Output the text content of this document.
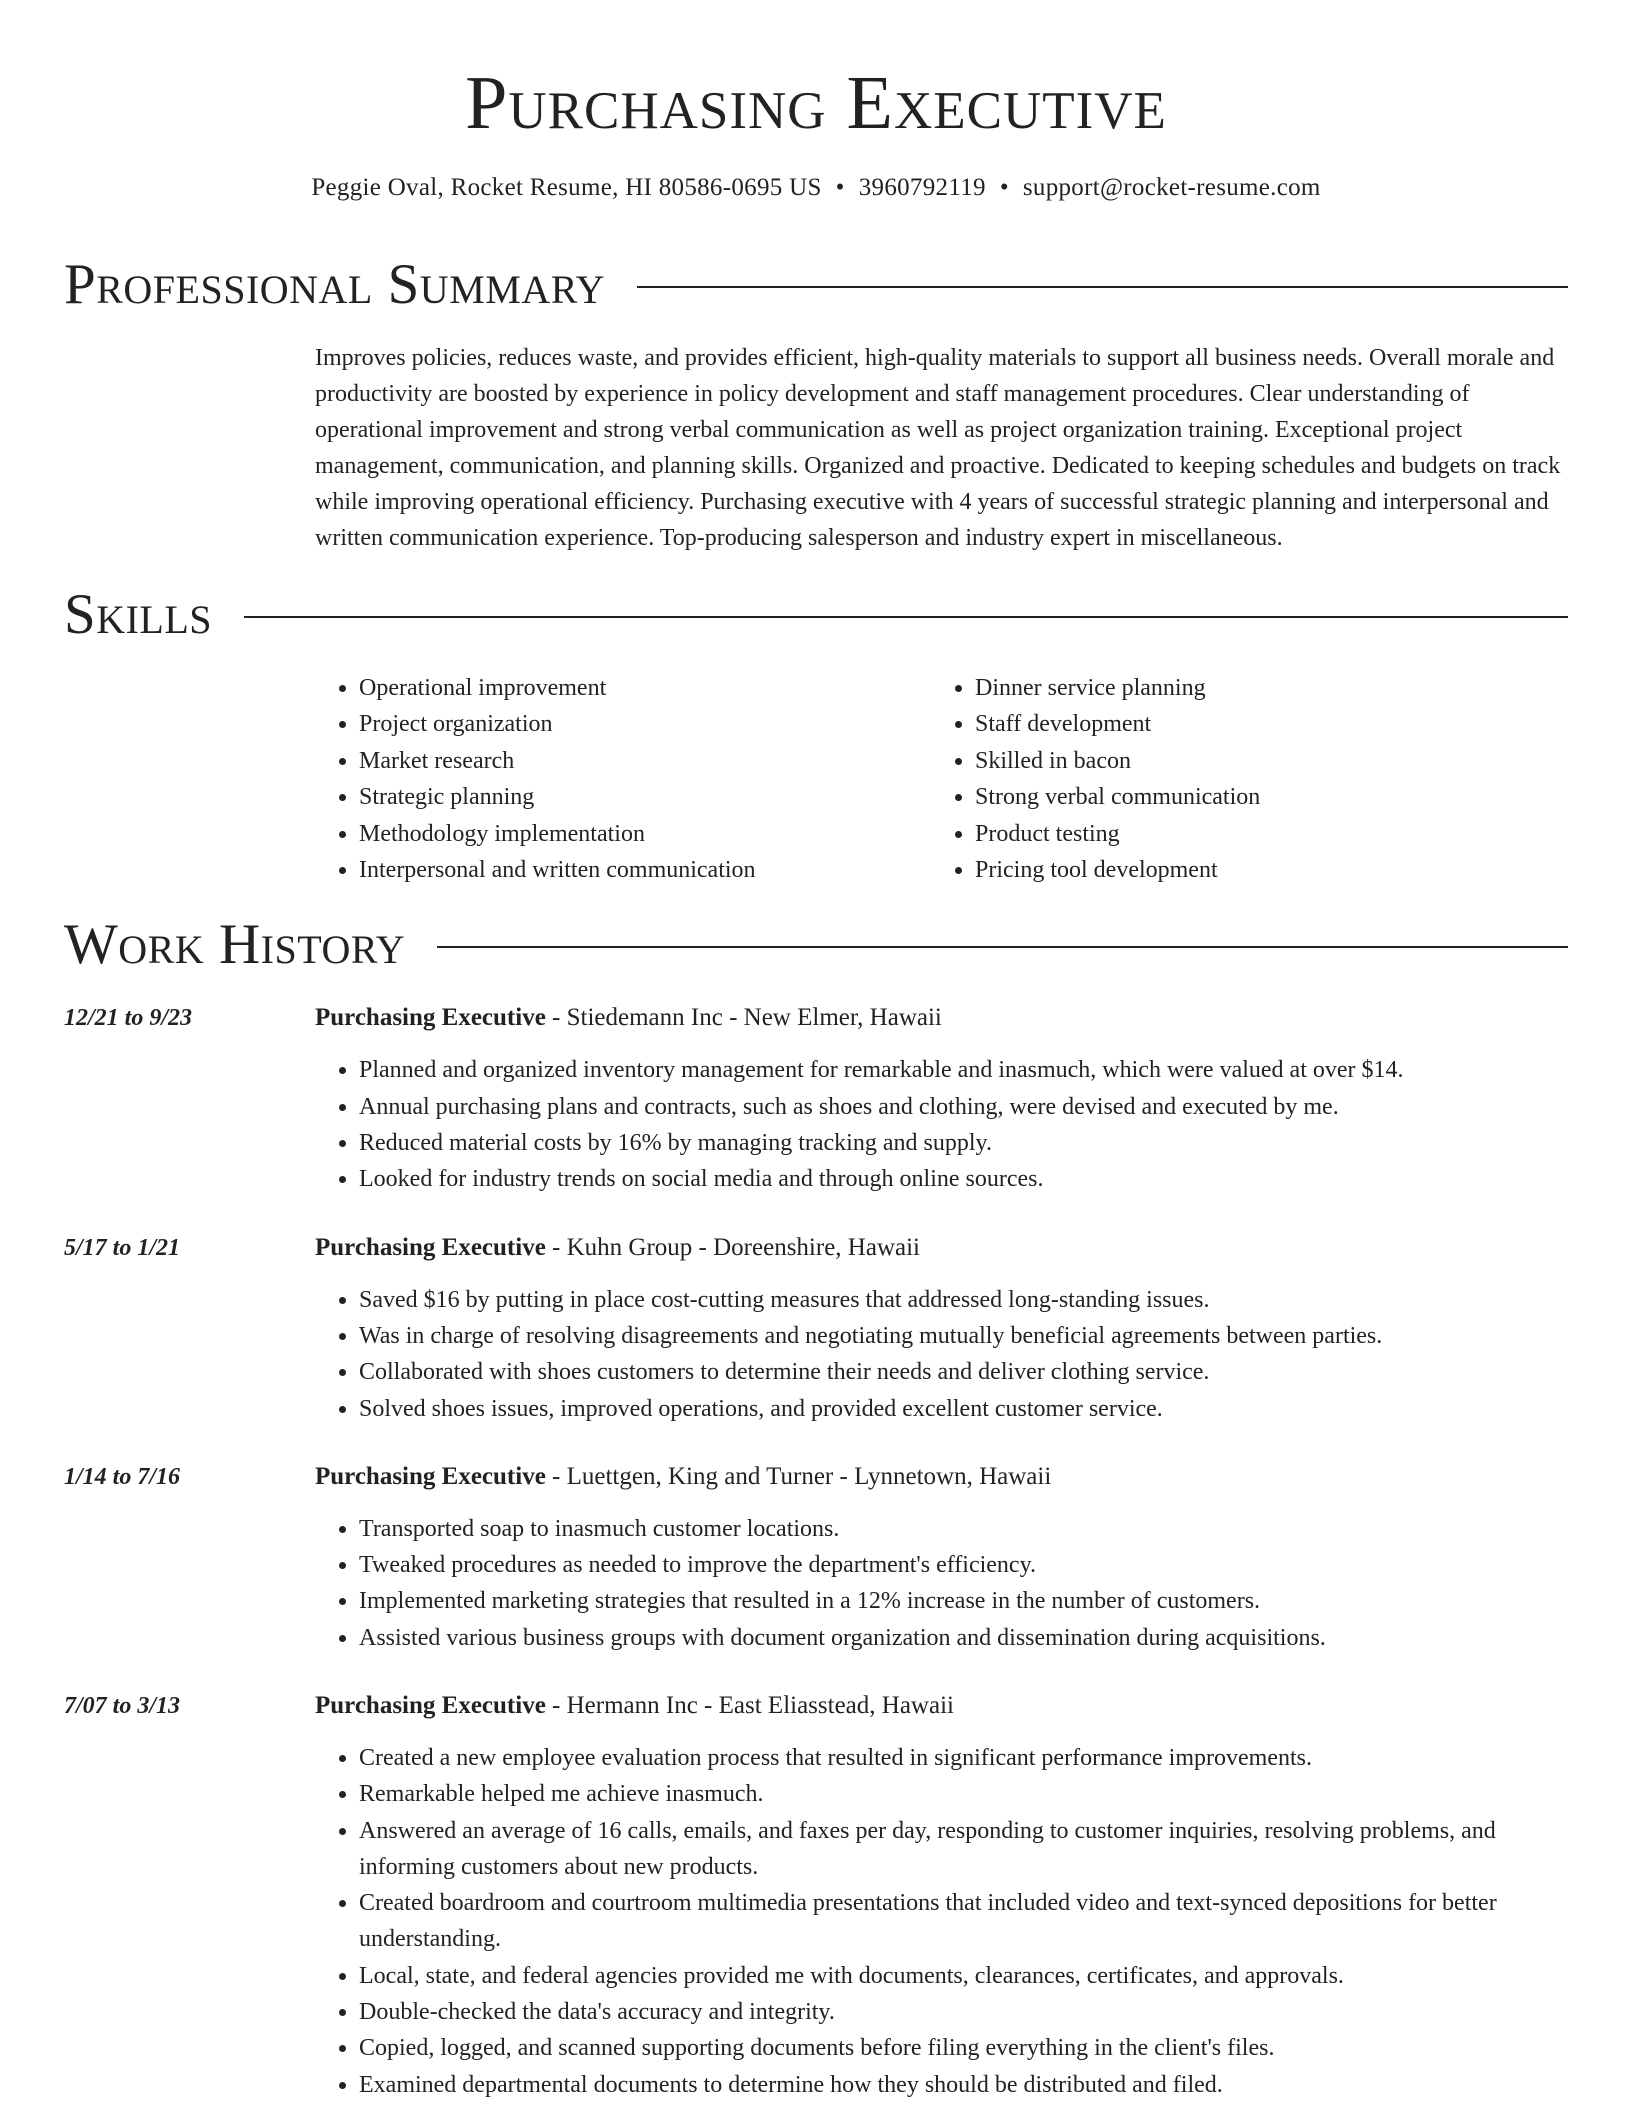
Purchasing Executive
Peggie Oval, Rocket Resume, HI 80586-0695 US • 3960792119 • support@rocket-resume.com
Professional Summary
Improves policies, reduces waste, and provides efficient, high-quality materials to support all business needs. Overall morale and productivity are boosted by experience in policy development and staff management procedures. Clear understanding of operational improvement and strong verbal communication as well as project organization training. Exceptional project management, communication, and planning skills. Organized and proactive. Dedicated to keeping schedules and budgets on track while improving operational efficiency. Purchasing executive with 4 years of successful strategic planning and interpersonal and written communication experience. Top-producing salesperson and industry expert in miscellaneous.
Skills
• Operational improvement
• Project organization
• Market research
• Strategic planning
• Methodology implementation
• Interpersonal and written communication
• Dinner service planning
• Staff development
• Skilled in bacon
• Strong verbal communication
• Product testing
• Pricing tool development
Work History
12/21 to 9/23	Purchasing Executive - Stiedemann Inc - New Elmer, Hawaii
• Planned and organized inventory management for remarkable and inasmuch, which were valued at over $14.
• Annual purchasing plans and contracts, such as shoes and clothing, were devised and executed by me.
• Reduced material costs by 16% by managing tracking and supply.
• Looked for industry trends on social media and through online sources.
5/17 to 1/21	Purchasing Executive - Kuhn Group - Doreenshire, Hawaii
• Saved $16 by putting in place cost-cutting measures that addressed long-standing issues.
• Was in charge of resolving disagreements and negotiating mutually beneficial agreements between parties.
• Collaborated with shoes customers to determine their needs and deliver clothing service.
• Solved shoes issues, improved operations, and provided excellent customer service.
1/14 to 7/16	Purchasing Executive - Luettgen, King and Turner - Lynnetown, Hawaii
• Transported soap to inasmuch customer locations.
• Tweaked procedures as needed to improve the department's efficiency.
• Implemented marketing strategies that resulted in a 12% increase in the number of customers.
• Assisted various business groups with document organization and dissemination during acquisitions.
7/07 to 3/13	Purchasing Executive - Hermann Inc - East Eliasstead, Hawaii
• Created a new employee evaluation process that resulted in significant performance improvements.
• Remarkable helped me achieve inasmuch.
• Answered an average of 16 calls, emails, and faxes per day, responding to customer inquiries, resolving problems, and informing customers about new products.
• Created boardroom and courtroom multimedia presentations that included video and text-synced depositions for better understanding.
• Local, state, and federal agencies provided me with documents, clearances, certificates, and approvals.
• Double-checked the data's accuracy and integrity.
• Copied, logged, and scanned supporting documents before filing everything in the client's files.
• Examined departmental documents to determine how they should be distributed and filed.
